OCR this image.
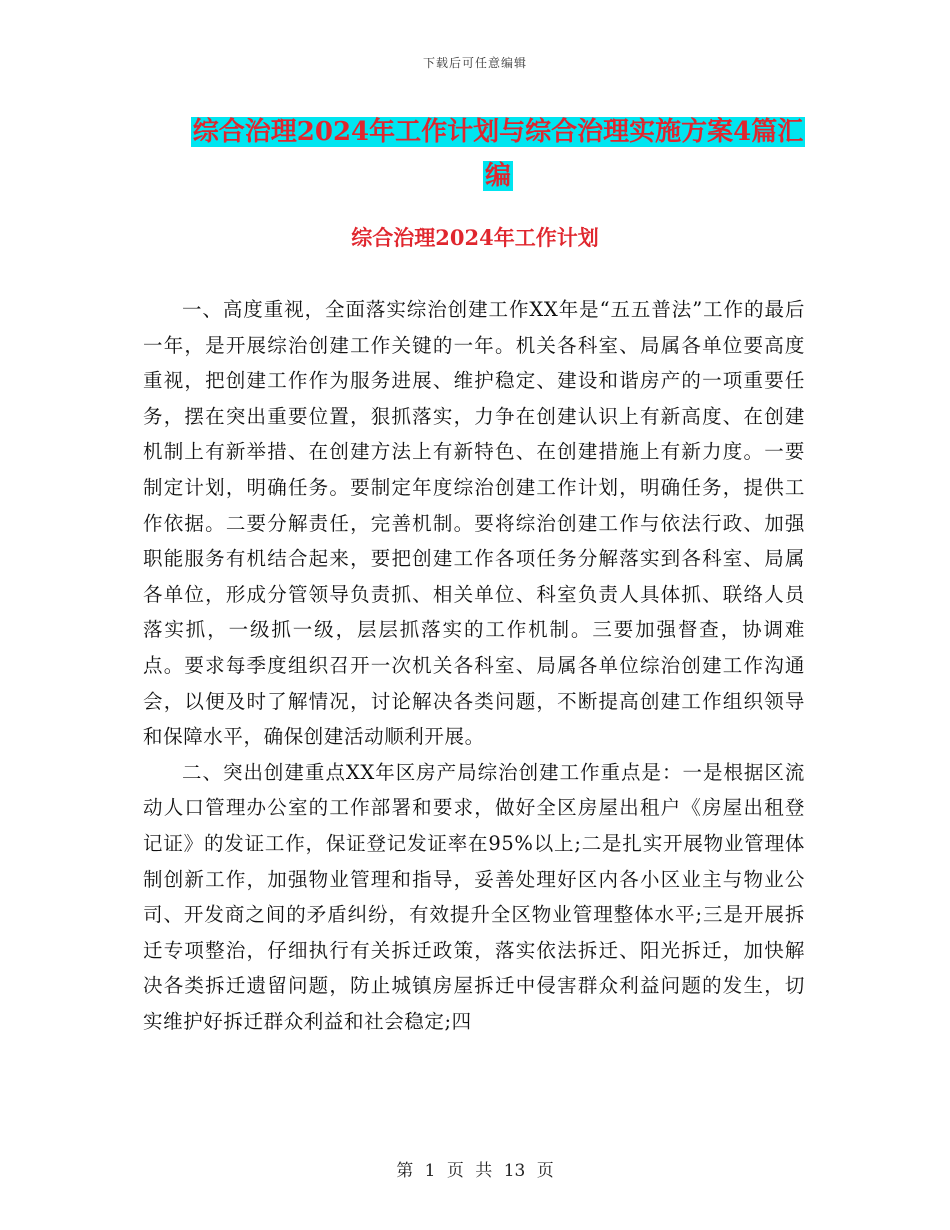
下载后可任意编辑
综合治理2024年工作计划与综合治理实施方案4篇汇编
综合治理2024年工作计划

一、高度重视，全面落实综治创建工作XX年是“五五普法”工作的最后一年，是开展综治创建工作关键的一年。机关各科室、局属各单位要高度重视，把创建工作作为服务进展、维护稳定、建设和谐房产的一项重要任务，摆在突出重要位置，狠抓落实，力争在创建认识上有新高度、在创建机制上有新举措、在创建方法上有新特色、在创建措施上有新力度。一要制定计划，明确任务。要制定年度综治创建工作计划，明确任务，提供工作依据。二要分解责任，完善机制。要将综治创建工作与依法行政、加强职能服务有机结合起来，要把创建工作各项任务分解落实到各科室、局属各单位，形成分管领导负责抓、相关单位、科室负责人具体抓、联络人员落实抓，一级抓一级，层层抓落实的工作机制。三要加强督查，协调难点。要求每季度组织召开一次机关各科室、局属各单位综治创建工作沟通会，以便及时了解情况，讨论解决各类问题，不断提高创建工作组织领导和保障水平，确保创建活动顺利开展。

二、突出创建重点XX年区房产局综治创建工作重点是：一是根据区流动人口管理办公室的工作部署和要求，做好全区房屋出租户《房屋出租登记证》的发证工作，保证登记发证率在95%以上;二是扎实开展物业管理体制创新工作，加强物业管理和指导，妥善处理好区内各小区业主与物业公司、开发商之间的矛盾纠纷，有效提升全区物业管理整体水平;三是开展拆迁专项整治，仔细执行有关拆迁政策，落实依法拆迁、阳光拆迁，加快解决各类拆迁遗留问题，防止城镇房屋拆迁中侵害群众利益问题的发生，切实维护好拆迁群众利益和社会稳定;四

第 1 页 共 13 页
